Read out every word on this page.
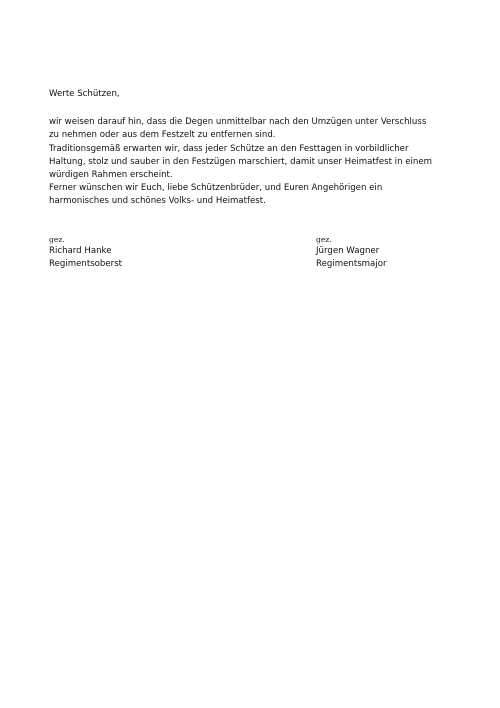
Werte Schützen,

wir weisen darauf hin, dass die Degen unmittelbar nach den Umzügen unter Verschluss
zu nehmen oder aus dem Festzelt zu entfernen sind.
Traditionsgemäß erwarten wir, dass jeder Schütze an den Festtagen in vorbildlicher
Haltung, stolz und sauber in den Festzügen marschiert, damit unser Heimatfest in einem
würdigen Rahmen erscheint.
Ferner wünschen wir Euch, liebe Schützenbrüder, und Euren Angehörigen ein
harmonisches und schönes Volks- und Heimatfest.
gez.
Richard Hanke
Regimentsoberst
gez.
Jürgen Wagner
Regimentsmajor
